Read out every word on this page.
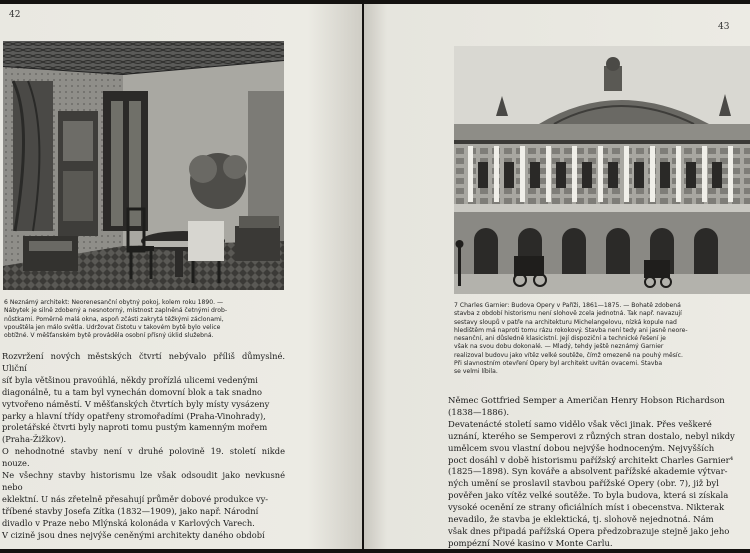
42

6 Neznámý architekt: Neorenesanční obytný pokoj, kolem roku 1890. —

Nábytek je silně zdobený a nesnotorný, místnost zaplněná četnými drob-

nůstkami. Poměrně malá okna, aspoň zčásti zakrytá těžkými záclonami,

vpouštěla jen málo světla. Udržovat čistotu v takovém bytě bylo velice

obtížné. V měšťanském bytě prováděla osobní přísný úklid služebná.

Rozvržení nových městských čtvrtí nebývalo příliš důmyslné. Uliční

síť byla většinou pravoúhlá, někdy prořízlá ulicemi vedenými

diagonálně, tu a tam byl vynechán domovní blok a tak snadno

vytvořeno náměstí. V měšťanských čtvrtích byly místy vysázeny

parky a hlavní třídy opatřeny stromořadími (Praha-Vinohrady),

proletářské čtvrti byly naproti tomu pustým kamenným mořem

(Praha-Žižkov).

O nehodnotné stavby není v druhé polovině 19. století nikde nouze.

Ne všechny stavby historismu lze však odsoudit jako nevkusné nebo

eklektní. U nás zřetelně přesahují průměr dobové produkce vy-

tříbené stavby Josefa Zítka (1832—1909), jako např. Národní

divadlo v Praze nebo Mlýnská kolonáda v Karlových Varech.

V cizině jsou dnes nejvýše ceněnými architekty daného období

43

7 Charles Garnier: Budova Opery v Paříži, 1861—1875. — Bohatě zdobená

stavba z období historismu není slohově zcela jednotná. Tak např. navazují

sestavy sloupů v patře na architekturu Michelangelovu, nízká kopule nad

hledištěm má naproti tomu rázu rokokový. Stavba není tedy ani jasně neore-

nesanční, ani důsledně klasicistní. Její dispoziční a technické řešení je

však na svou dobu dokonalé. — Mladý, tehdy ještě neznámý Garnier

realizoval budovu jako vítěz velké soutěže, čímž omezeně na pouhý měsíc.

Při slavnostním otevření Opery byl architekt uvítán ovacemi. Stavba

se velmi líbila.

Němec Gottfried Semper a Američan Henry Hobson Richardson

(1838—1886).

Devatenácté století samo vidělo však věci jinak. Přes veškeré

uznání, kterého se Semperovi z různých stran dostalo, nebyl nikdy

umělcem svou vlastní dobou nejvýše hodnoceným. Nejvyšších

poct dosáhl v době historismu pařížský architekt Charles Garnier⁴

(1825—1898). Syn kováře a absolvent pařížské akademie výtvar-

ných umění se proslavil stavbou pařížské Opery (obr. 7), již byl

pověřen jako vítěz velké soutěže. To byla budova, která si získala

vysoké ocenění ze strany oficiálních míst i obecenstva. Nikterak

nevadilo, že stavba je eklektická, tj. slohově nejednotná. Nám

však dnes připadá pařížská Opera předzobrazuje stejně jako jeho

pompézní Nové kasino v Monte Carlu.
